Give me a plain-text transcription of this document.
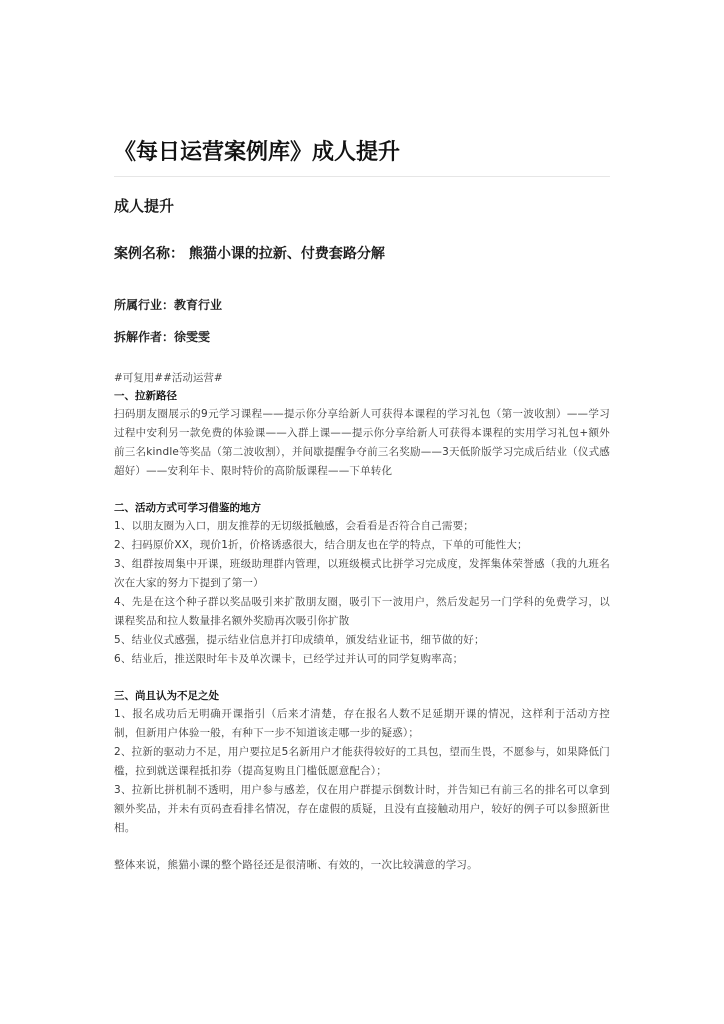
《每日运营案例库》成人提升
成人提升
案例名称： 熊猫小课的拉新、付费套路分解
所属行业：教育行业
拆解作者：徐雯雯
#可复用##活动运营#
一、拉新路径
扫码朋友圈展示的9元学习课程——提示你分享给新人可获得本课程的学习礼包（第一波收割）——学习过程中安利另一款免费的体验课——入群上课——提示你分享给新人可获得本课程的实用学习礼包+额外前三名kindle等奖品（第二波收割），并间歇提醒争夺前三名奖励——3天低阶版学习完成后结业（仪式感超好）——安利年卡、限时特价的高阶版课程——下单转化
二、活动方式可学习借鉴的地方
1、以朋友圈为入口，朋友推荐的无切级抵触感，会看看是否符合自己需要；
2、扫码原价XX，现价1折，价格诱惑很大，结合朋友也在学的特点，下单的可能性大；
3、组群按周集中开课，班级助理群内管理，以班级模式比拼学习完成度，发挥集体荣誉感（我的九班名次在大家的努力下提到了第一）
4、先是在这个种子群以奖品吸引来扩散朋友圈，吸引下一波用户，然后发起另一门学科的免费学习，以课程奖品和拉人数量排名额外奖励再次吸引你扩散
5、结业仪式感强，提示结业信息并打印成绩单，颁发结业证书，细节做的好；
6、结业后，推送限时年卡及单次课卡，已经学过并认可的同学复购率高；
三、尚且认为不足之处
1、报名成功后无明确开课指引（后来才清楚，存在报名人数不足延期开课的情况，这样利于活动方控制，但新用户体验一般，有种下一步不知道该走哪一步的疑惑）；
2、拉新的驱动力不足，用户要拉足5名新用户才能获得较好的工具包，望而生畏，不愿参与，如果降低门槛，拉到就送课程抵扣券（提高复购且门槛低愿意配合）；
3、拉新比拼机制不透明，用户参与感差，仅在用户群提示倒数计时，并告知已有前三名的排名可以拿到额外奖品，并未有页码查看排名情况，存在虚假的质疑，且没有直接触动用户，较好的例子可以参照新世相。
整体来说，熊猫小课的整个路径还是很清晰、有效的，一次比较满意的学习。
